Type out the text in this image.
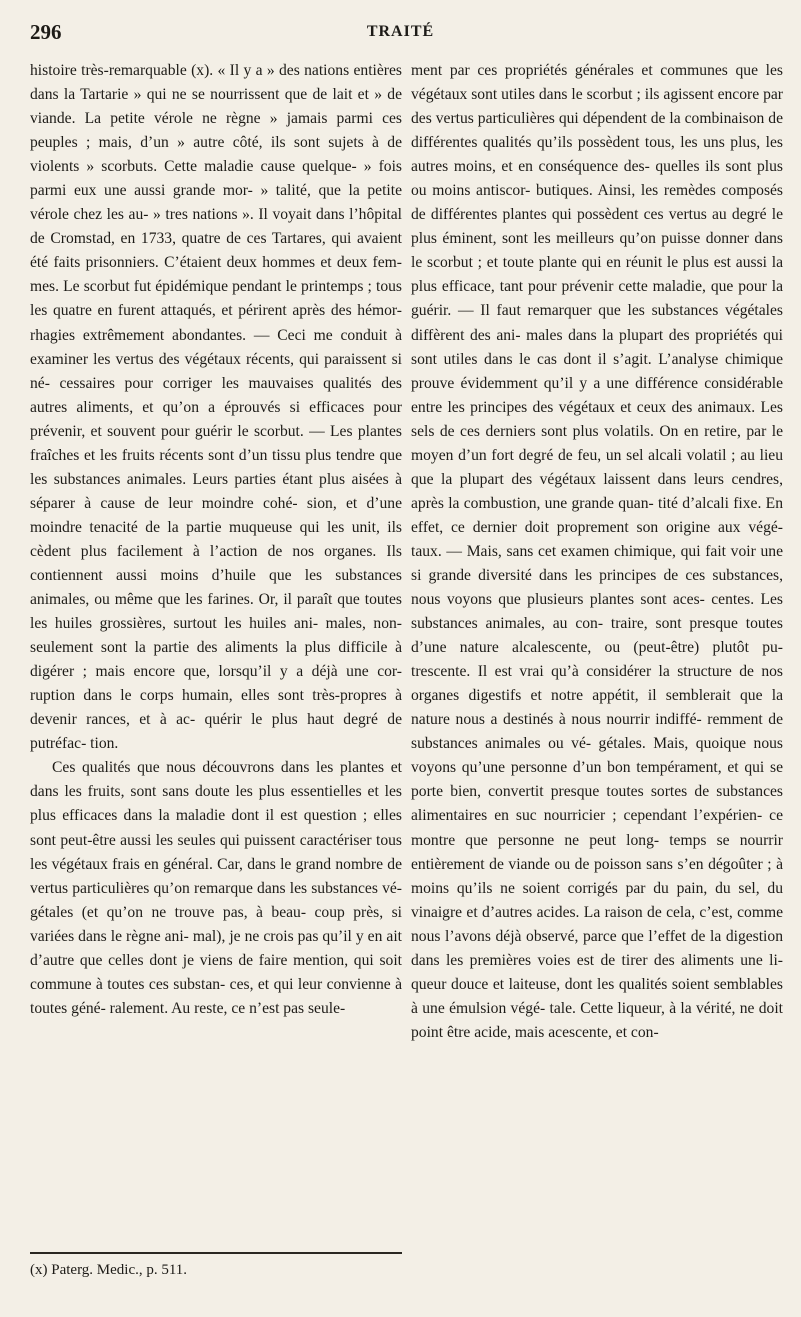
296	TRAITÉ

histoire très-remarquable (x). « Il y a » des nations entières dans la Tartarie » qui ne se nourrissent que de lait et » de viande. La petite vérole ne règne » jamais parmi ces peuples ; mais, d’un » autre côté, ils sont sujets à de violents » scorbuts. Cette maladie cause quelque- » fois parmi eux une aussi grande mor- » talité, que la petite vérole chez les au- » tres nations ». Il voyait dans l’hôpital de Cromstad, en 1733, quatre de ces Tartares, qui avaient été faits prisonniers. C’étaient deux hommes et deux fem- mes. Le scorbut fut épidémique pendant le printemps ; tous les quatre en furent attaqués, et périrent après des hémor- rhagies extrêmement abondantes. — Ceci me conduit à examiner les vertus des végétaux récents, qui paraissent si né- cessaires pour corriger les mauvaises qualités des autres aliments, et qu’on a éprouvés si efficaces pour prévenir, et souvent pour guérir le scorbut. — Les plantes fraîches et les fruits récents sont d’un tissu plus tendre que les substances animales. Leurs parties étant plus aisées à séparer à cause de leur moindre cohé- sion, et d’une moindre tenacité de la partie muqueuse qui les unit, ils cèdent plus facilement à l’action de nos organes. Ils contiennent aussi moins d’huile que les substances animales, ou même que les farines. Or, il paraît que toutes les huiles grossières, surtout les huiles ani- males, non-seulement sont la partie des aliments la plus difficile à digérer ; mais encore que, lorsqu’il y a déjà une cor- ruption dans le corps humain, elles sont très-propres à devenir rances, et à ac- quérir le plus haut degré de putréfac- tion.

Ces qualités que nous découvrons dans les plantes et dans les fruits, sont sans doute les plus essentielles et les plus efficaces dans la maladie dont il est question ; elles sont peut-être aussi les seules qui puissent caractériser tous les végétaux frais en général. Car, dans le grand nombre de vertus particulières qu’on remarque dans les substances vé- gétales (et qu’on ne trouve pas, à beau- coup près, si variées dans le règne ani- mal), je ne crois pas qu’il y en ait d’autre que celles dont je viens de faire mention, qui soit commune à toutes ces substan- ces, et qui leur convienne à toutes géné- ralement. Au reste, ce n’est pas seule-

ment par ces propriétés générales et communes que les végétaux sont utiles dans le scorbut ; ils agissent encore par des vertus particulières qui dépendent de la combinaison de différentes qualités qu’ils possèdent tous, les uns plus, les autres moins, et en conséquence des- quelles ils sont plus ou moins antiscor- butiques. Ainsi, les remèdes composés de différentes plantes qui possèdent ces vertus au degré le plus éminent, sont les meilleurs qu’on puisse donner dans le scorbut ; et toute plante qui en réunit le plus est aussi la plus efficace, tant pour prévenir cette maladie, que pour la guérir. — Il faut remarquer que les substances végétales diffèrent des ani- males dans la plupart des propriétés qui sont utiles dans le cas dont il s’agit. L’analyse chimique prouve évidemment qu’il y a une différence considérable entre les principes des végétaux et ceux des animaux. Les sels de ces derniers sont plus volatils. On en retire, par le moyen d’un fort degré de feu, un sel alcali volatil ; au lieu que la plupart des végétaux laissent dans leurs cendres, après la combustion, une grande quan- tité d’alcali fixe. En effet, ce dernier doit proprement son origine aux végé- taux. — Mais, sans cet examen chimique, qui fait voir une si grande diversité dans les principes de ces substances, nous voyons que plusieurs plantes sont aces- centes. Les substances animales, au con- traire, sont presque toutes d’une nature alcalescente, ou (peut-être) plutôt pu- trescente. Il est vrai qu’à considérer la structure de nos organes digestifs et notre appétit, il semblerait que la nature nous a destinés à nous nourrir indiffé- remment de substances animales ou vé- gétales. Mais, quoique nous voyons qu’une personne d’un bon tempérament, et qui se porte bien, convertit presque toutes sortes de substances alimentaires en suc nourricier ; cependant l’expérien- ce montre que personne ne peut long- temps se nourrir entièrement de viande ou de poisson sans s’en dégoûter ; à moins qu’ils ne soient corrigés par du pain, du sel, du vinaigre et d’autres acides. La raison de cela, c’est, comme nous l’avons déjà observé, parce que l’effet de la digestion dans les premières voies est de tirer des aliments une li- queur douce et laiteuse, dont les qualités soient semblables à une émulsion végé- tale. Cette liqueur, à la vérité, ne doit point être acide, mais acescente, et con-

(x) Paterg. Medic., p. 511.
